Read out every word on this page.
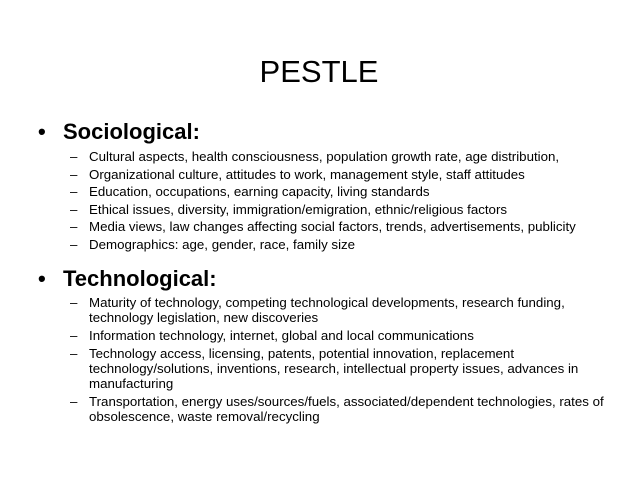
PESTLE
• Sociological:
– Cultural aspects, health consciousness, population growth rate, age distribution,
– Organizational culture, attitudes to work, management style, staff attitudes
– Education, occupations, earning capacity, living standards
– Ethical issues, diversity, immigration/emigration, ethnic/religious factors
– Media views, law changes affecting social factors, trends, advertisements, publicity
– Demographics: age, gender, race, family size
• Technological:
– Maturity of technology, competing technological developments, research funding, technology legislation, new discoveries
– Information technology, internet, global and local communications
– Technology access, licensing, patents, potential innovation, replacement technology/solutions, inventions, research, intellectual property issues, advances in manufacturing
– Transportation, energy uses/sources/fuels, associated/dependent technologies, rates of obsolescence, waste removal/recycling
